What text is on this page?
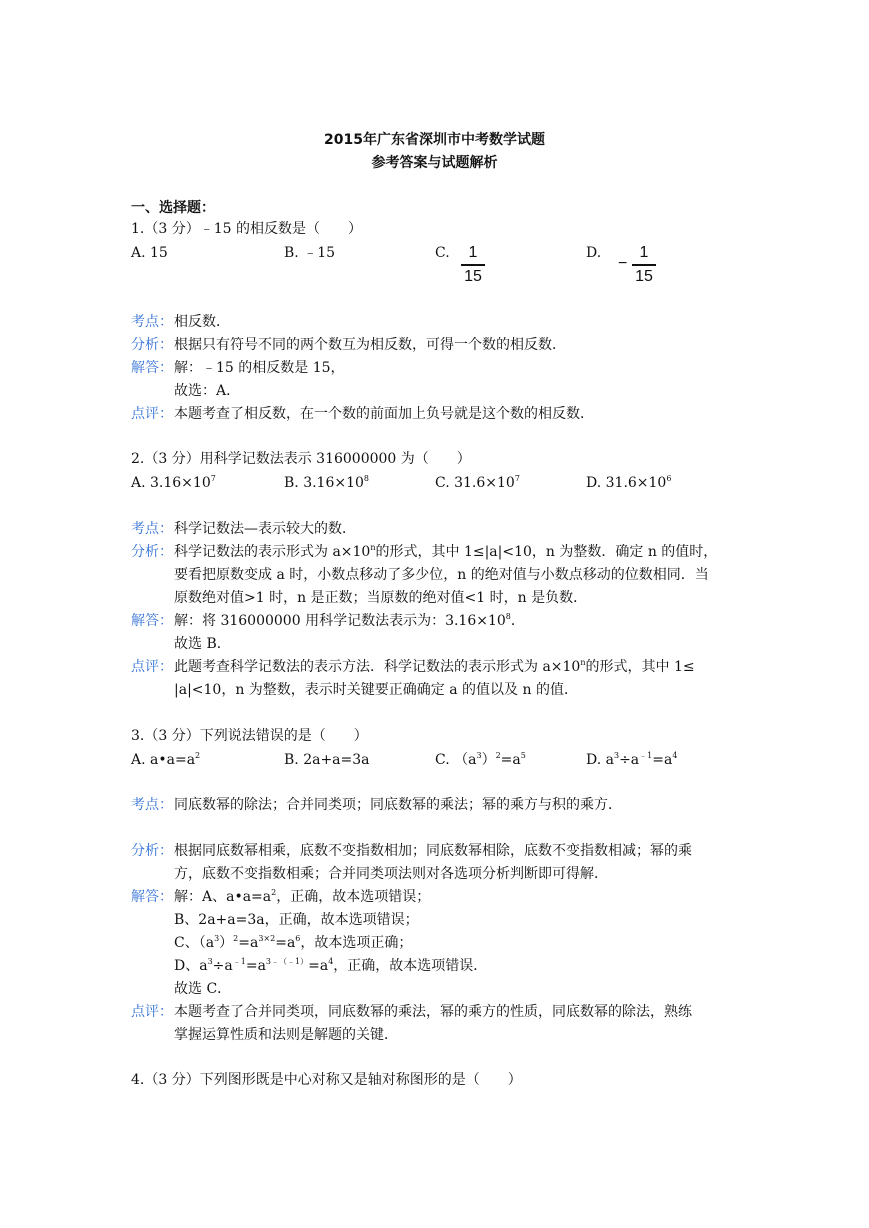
2015年广东省深圳市中考数学试题
参考答案与试题解析
一、选择题：
1.（3 分）﹣15 的相反数是（　　）
A. 15	B. ﹣15	C.	1
15
D.
−
1
15
考点： 相反数．
分析： 根据只有符号不同的两个数互为相反数，可得一个数的相反数．
解答： 解：﹣15 的相反数是 15，
故选：A．
点评： 本题考查了相反数，在一个数的前面加上负号就是这个数的相反数．
2.（3 分）用科学记数法表示 316000000 为（　　）
A. $3.16\times 10^7$	B. $3.16\times 10^8$	C. $31.6\times 10^7$	D. $31.6\times 10^6$
考点： 科学记数法—表示较大的数．
分析： 科学记数法的表示形式为 $a\times 10^n$的形式，其中 1≤|a|<10，n 为整数．确定 n 的值时，
要看把原数变成 a 时，小数点移动了多少位，n 的绝对值与小数点移动的位数相同．当
原数绝对值>1 时，n 是正数；当原数的绝对值<1 时，n 是负数．
解答： 解：将 316000000 用科学记数法表示为：$3.16\times 10^8$．
故选 B．
点评： 此题考查科学记数法的表示方法．科学记数法的表示形式为 $a\times 10^n$的形式，其中 1≤
|a|<10，n 为整数，表示时关键要正确确定 a 的值以及 n 的值．
3.（3 分）下列说法错误的是（　　）
A. $a•a=a^2$	B. 2a+a=3a	C. $(a^3)^2=a^5$	D. $a^3\div a^{﹣1}=a^4$
考点： 同底数幂的除法；合并同类项；同底数幂的乘法；幂的乘方与积的乘方．
分析： 根据同底数幂相乘，底数不变指数相加；同底数幂相除，底数不变指数相减；幂的乘
方，底数不变指数相乘；合并同类项法则对各选项分析判断即可得解．
解答： 解：A、$a•a=a^2$，正确，故本选项错误；
B、2a+a=3a，正确，故本选项错误；
C、$(a^3)^2=a^{3\times 2}=a^6$，故本选项正确；
D、$a^3\div a^{﹣1}=a^{3﹣(﹣1)}=a^4$，正确，故本选项错误．
故选 C．
点评： 本题考查了合并同类项，同底数幂的乘法，幂的乘方的性质，同底数幂的除法，熟练
掌握运算性质和法则是解题的关键．
4.（3 分）下列图形既是中心对称又是轴对称图形的是（　　）
